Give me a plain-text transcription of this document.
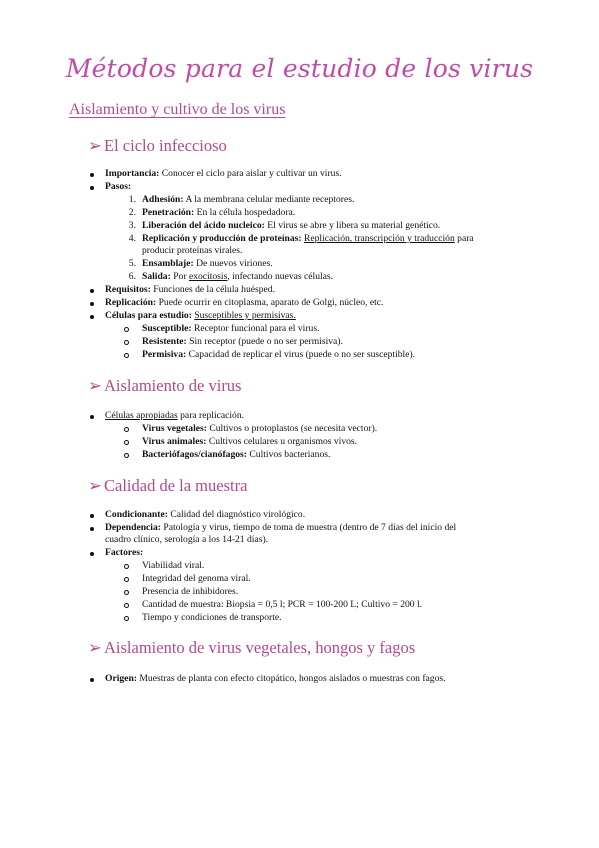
Métodos para el estudio de los virus
Aislamiento y cultivo de los virus
➢ El ciclo infeccioso
Importancia: Conocer el ciclo para aislar y cultivar un virus.
Pasos:
1. Adhesión: A la membrana celular mediante receptores.
2. Penetración: En la célula hospedadora.
3. Liberación del ácido nucleico: El virus se abre y libera su material genético.
4. Replicación y producción de proteínas: Replicación, transcripción y traducción para
producir proteínas virales.
5. Ensamblaje: De nuevos viriones.
6. Salida: Por exocitosis, infectando nuevas células.
Requisitos: Funciones de la célula huésped.
Replicación: Puede ocurrir en citoplasma, aparato de Golgi, núcleo, etc.
Células para estudio: Susceptibles y permisivas.
Susceptible: Receptor funcional para el virus.
Resistente: Sin receptor (puede o no ser permisiva).
Permisiva: Capacidad de replicar el virus (puede o no ser susceptible).
➢ Aislamiento de virus
Células apropiadas para replicación.
Virus vegetales: Cultivos o protoplastos (se necesita vector).
Virus animales: Cultivos celulares u organismos vivos.
Bacteriófagos/cianófagos: Cultivos bacterianos.
➢ Calidad de la muestra
Condicionante: Calidad del diagnóstico virológico.
Dependencia: Patología y virus, tiempo de toma de muestra (dentro de 7 días del inicio del
cuadro clínico, serología a los 14-21 días).
Factores:
Viabilidad viral.
Integridad del genoma viral.
Presencia de inhibidores.
Cantidad de muestra: Biopsia = 0,5 l; PCR = 100-200 L; Cultivo = 200 l.
Tiempo y condiciones de transporte.
➢ Aislamiento de virus vegetales, hongos y fagos
Origen: Muestras de planta con efecto citopático, hongos aislados o muestras con fagos.
